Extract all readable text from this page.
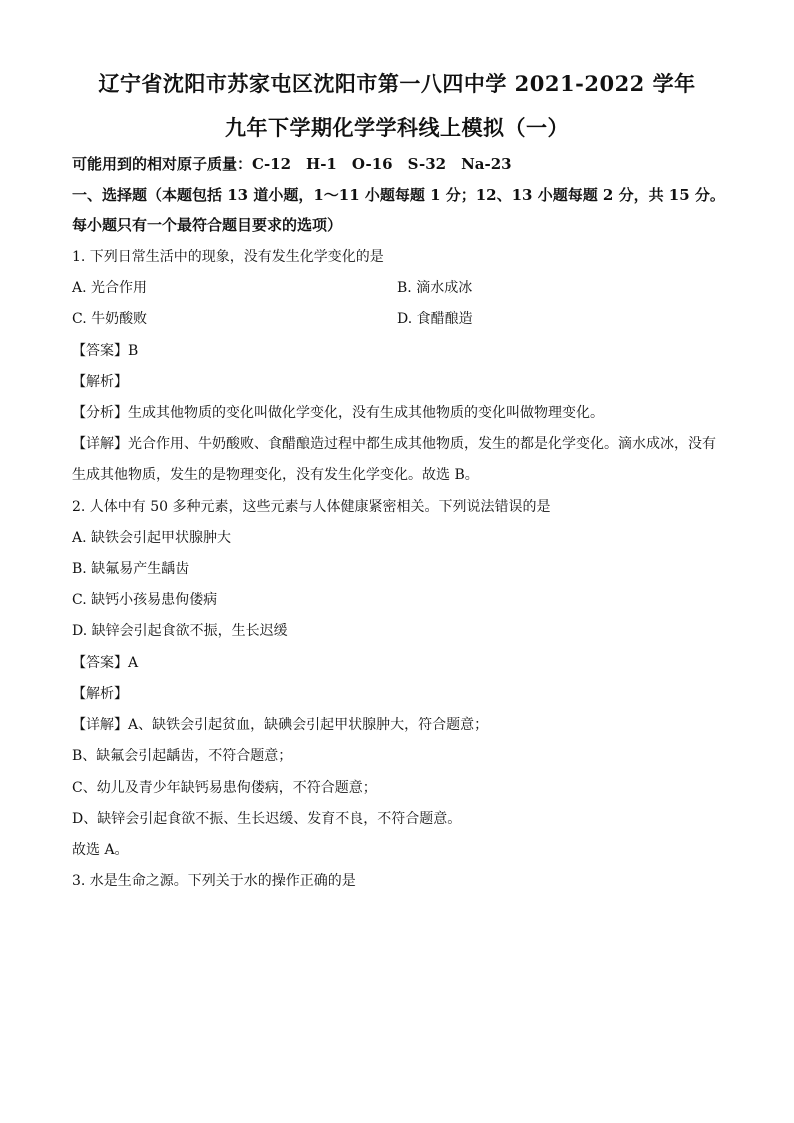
辽宁省沈阳市苏家屯区沈阳市第一八四中学 2021-2022 学年
九年下学期化学学科线上模拟（一）
可能用到的相对原子质量：C-12　H-1　O-16　S-32　Na-23
一、选择题（本题包括 13 道小题，1～11 小题每题 1 分；12、13 小题每题 2 分，共 15 分。
每小题只有一个最符合题目要求的选项）
1. 下列日常生活中的现象，没有发生化学变化的是
A. 光合作用	B. 滴水成冰
C. 牛奶酸败	D. 食醋酿造
【答案】B
【解析】
【分析】生成其他物质的变化叫做化学变化，没有生成其他物质的变化叫做物理变化。
【详解】光合作用、牛奶酸败、食醋酿造过程中都生成其他物质，发生的都是化学变化。滴水成冰，没有
生成其他物质，发生的是物理变化，没有发生化学变化。故选 B。
2. 人体中有 50 多种元素，这些元素与人体健康紧密相关。下列说法错误的是
A. 缺铁会引起甲状腺肿大
B. 缺氟易产生龋齿
C. 缺钙小孩易患佝偻病
D. 缺锌会引起食欲不振，生长迟缓
【答案】A
【解析】
【详解】A、缺铁会引起贫血，缺碘会引起甲状腺肿大，符合题意；
B、缺氟会引起龋齿，不符合题意；
C、幼儿及青少年缺钙易患佝偻病，不符合题意；
D、缺锌会引起食欲不振、生长迟缓、发育不良，不符合题意。
故选 A。
3. 水是生命之源。下列关于水的操作正确的是
